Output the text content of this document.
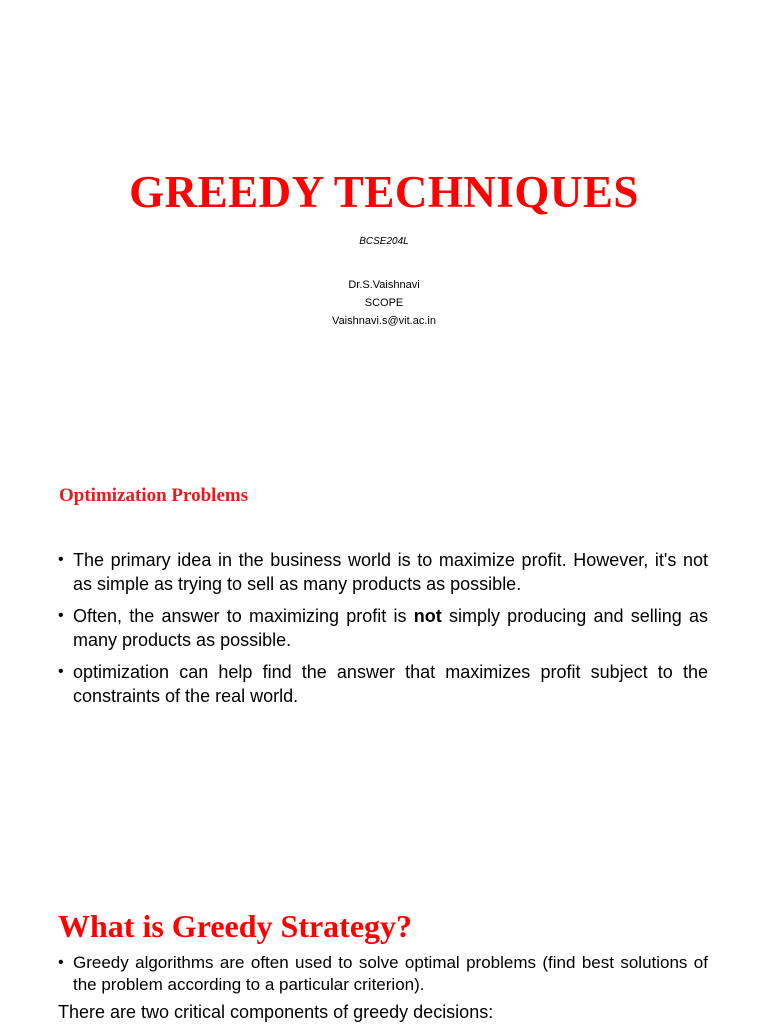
GREEDY TECHNIQUES

BCSE204L

Dr.S.Vaishnavi
SCOPE
Vaishnavi.s@vit.ac.in
Optimization Problems
• The primary idea in the business world is to maximize profit. However, it's not as simple as trying to sell as many products as possible.
• Often, the answer to maximizing profit is not simply producing and selling as many products as possible.
• optimization can help find the answer that maximizes profit subject to the constraints of the real world.
What is Greedy Strategy?
• Greedy algorithms are often used to solve optimal problems (find best solutions of the problem according to a particular criterion).

There are two critical components of greedy decisions:
